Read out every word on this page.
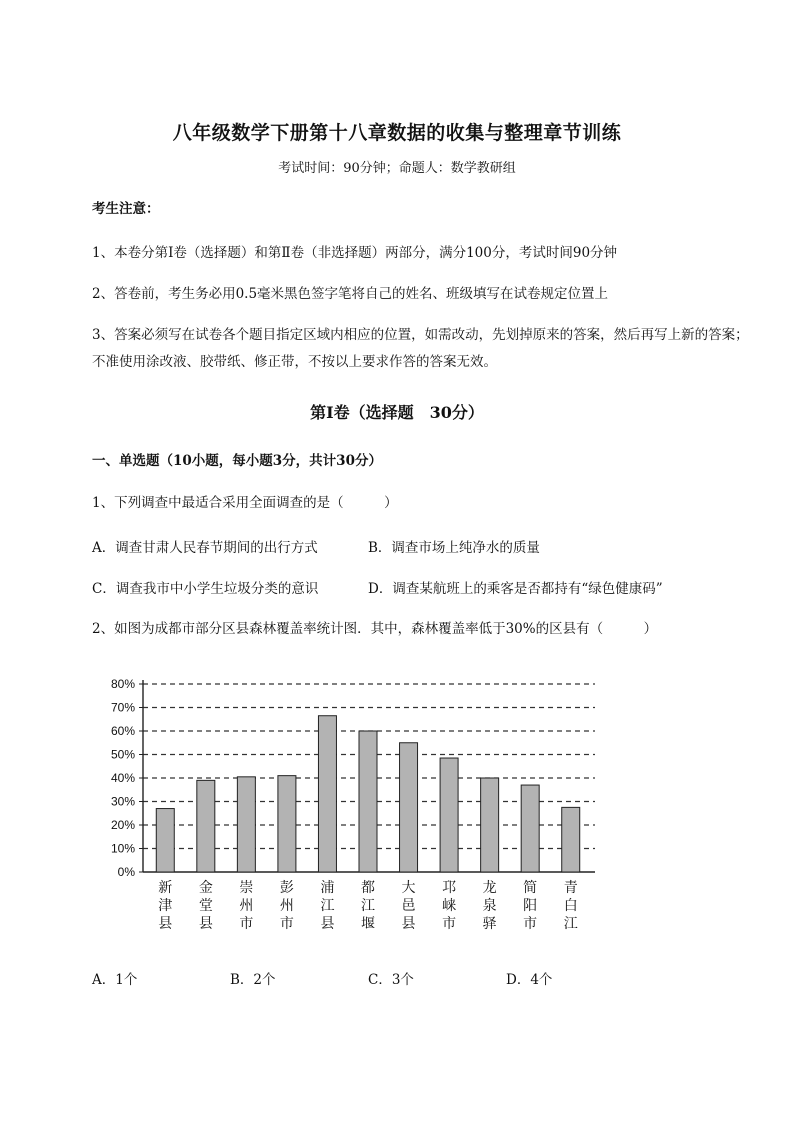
八年级数学下册第十八章数据的收集与整理章节训练
考试时间：90分钟；命题人：数学教研组
考生注意：
1、本卷分第Ⅰ卷（选择题）和第Ⅱ卷（非选择题）两部分，满分100分，考试时间90分钟
2、答卷前，考生务必用0.5毫米黑色签字笔将自己的姓名、班级填写在试卷规定位置上
3、答案必须写在试卷各个题目指定区域内相应的位置，如需改动，先划掉原来的答案，然后再写上新的答案；不准使用涂改液、胶带纸、修正带，不按以上要求作答的答案无效。
第Ⅰ卷（选择题　30分）
一、单选题（10小题，每小题3分，共计30分）
1、下列调查中最适合采用全面调查的是（　　　）
A．调查甘肃人民春节期间的出行方式	B．调查市场上纯净水的质量
C．调查我市中小学生垃圾分类的意识	D．调查某航班上的乘客是否都持有“绿色健康码”
2、如图为成都市部分区县森林覆盖率统计图．其中，森林覆盖率低于30%的区县有（　　　）
0%
10%
20%
30%
40%
50%
60%
70%
80%
新津县
金堂县
崇州市
彭州市
浦江县
都江堰
大邑县
邛崃市
龙泉驿
简阳市
青白江
A．1个	B．2个	C．3个	D．4个
